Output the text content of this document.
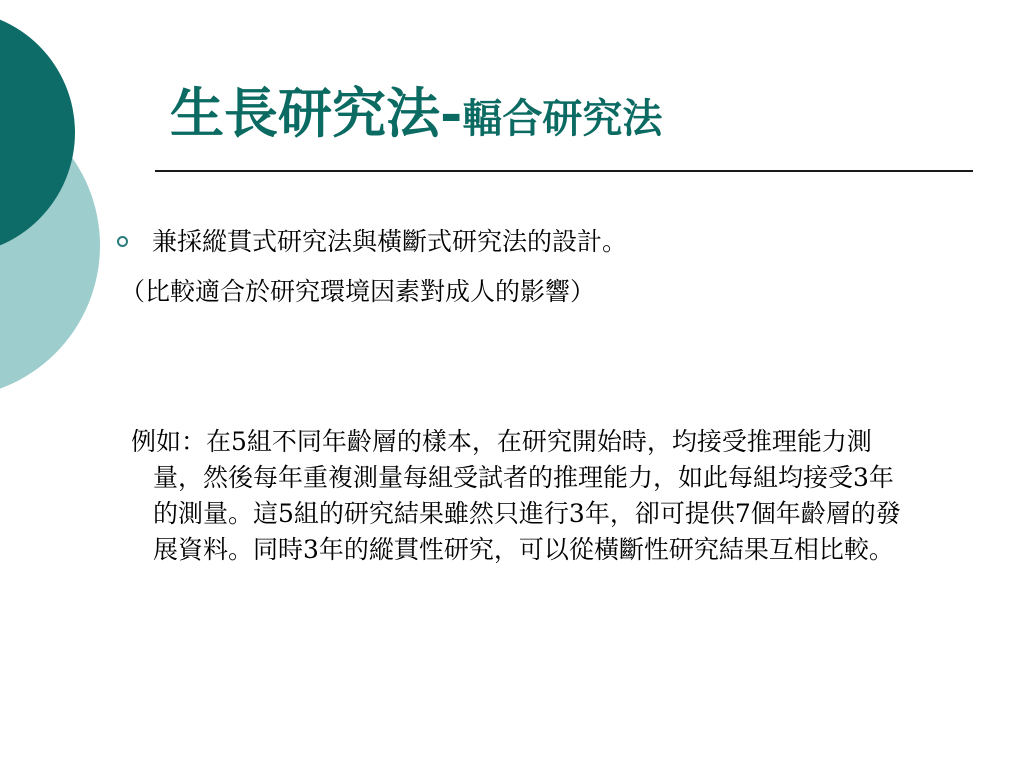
生長研究法-輻合研究法

兼採縱貫式研究法與橫斷式研究法的設計。

（比較適合於研究環境因素對成人的影響）

例如：在5組不同年齡層的樣本，在研究開始時，均接受推理能力測量，然後每年重複測量每組受試者的推理能力，如此每組均接受3年的測量。這5組的研究結果雖然只進行3年，卻可提供7個年齡層的發展資料。同時3年的縱貫性研究，可以從橫斷性研究結果互相比較。
